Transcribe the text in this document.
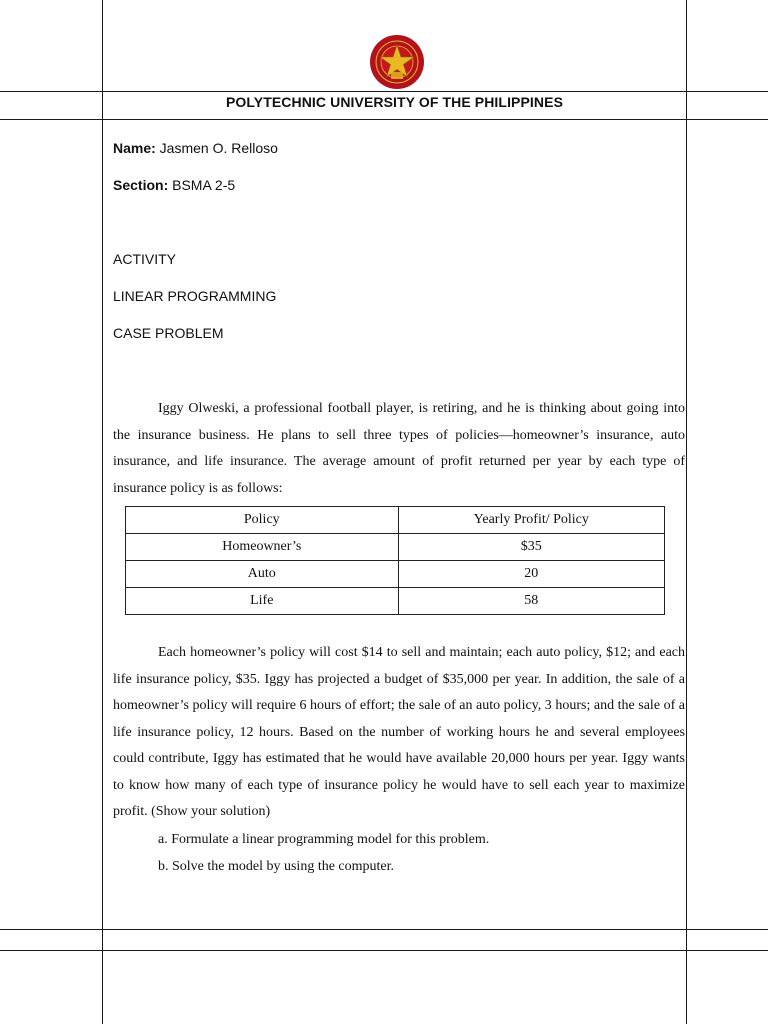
POLYTECHNIC UNIVERSITY OF THE PHILIPPINES
Name: Jasmen O. Relloso
Section: BSMA 2-5
ACTIVITY
LINEAR PROGRAMMING
CASE PROBLEM
Iggy Olweski, a professional football player, is retiring, and he is thinking about going into the insurance business. He plans to sell three types of policies—homeowner’s insurance, auto insurance, and life insurance. The average amount of profit returned per year by each type of insurance policy is as follows:
Policy	Yearly Profit/ Policy
Homeowner’s	$35
Auto	20
Life	58
Each homeowner’s policy will cost $14 to sell and maintain; each auto policy, $12; and each life insurance policy, $35. Iggy has projected a budget of $35,000 per year. In addition, the sale of a homeowner’s policy will require 6 hours of effort; the sale of an auto policy, 3 hours; and the sale of a life insurance policy, 12 hours. Based on the number of working hours he and several employees could contribute, Iggy has estimated that he would have available 20,000 hours per year. Iggy wants to know how many of each type of insurance policy he would have to sell each year to maximize profit. (Show your solution)
a. Formulate a linear programming model for this problem.
b. Solve the model by using the computer.
